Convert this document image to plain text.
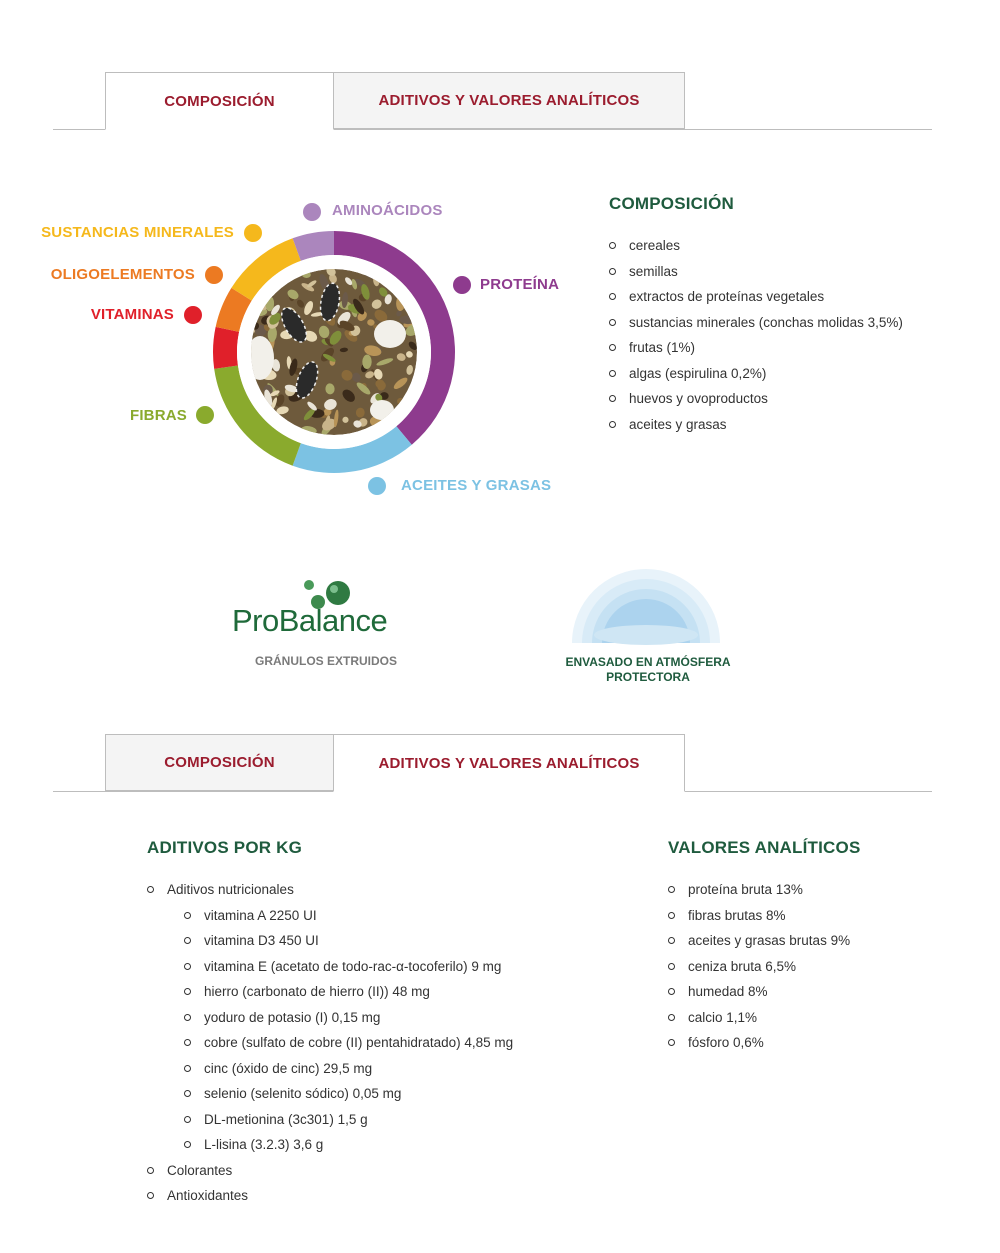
COMPOSICIÓN	ADITIVOS Y VALORES ANALÍTICOS
AMINOÁCIDOS
SUSTANCIAS MINERALES
OLIGOELEMENTOS
VITAMINAS
FIBRAS
PROTEÍNA
ACEITES Y GRASAS
COMPOSICIÓN
cereales
semillas
extractos de proteínas vegetales
sustancias minerales (conchas molidas 3,5%)
frutas (1%)
algas (espirulina 0,2%)
huevos y ovoproductos
aceites y grasas
ProBalance
GRÁNULOS EXTRUIDOS	ENVASADO EN ATMÓSFERA
PROTECTORA
COMPOSICIÓN	ADITIVOS Y VALORES ANALÍTICOS
ADITIVOS POR KG
Aditivos nutricionales
vitamina A 2250 UI
vitamina D3 450 UI
vitamina E (acetato de todo-rac-α-tocoferilo) 9 mg
hierro (carbonato de hierro (II)) 48 mg
yoduro de potasio (I) 0,15 mg
cobre (sulfato de cobre (II) pentahidratado) 4,85 mg
cinc (óxido de cinc) 29,5 mg
selenio (selenito sódico) 0,05 mg
DL-metionina (3c301) 1,5 g
L-lisina (3.2.3) 3,6 g
Colorantes
Antioxidantes
VALORES ANALÍTICOS
proteína bruta 13%
fibras brutas 8%
aceites y grasas brutas 9%
ceniza bruta 6,5%
humedad 8%
calcio 1,1%
fósforo 0,6%
